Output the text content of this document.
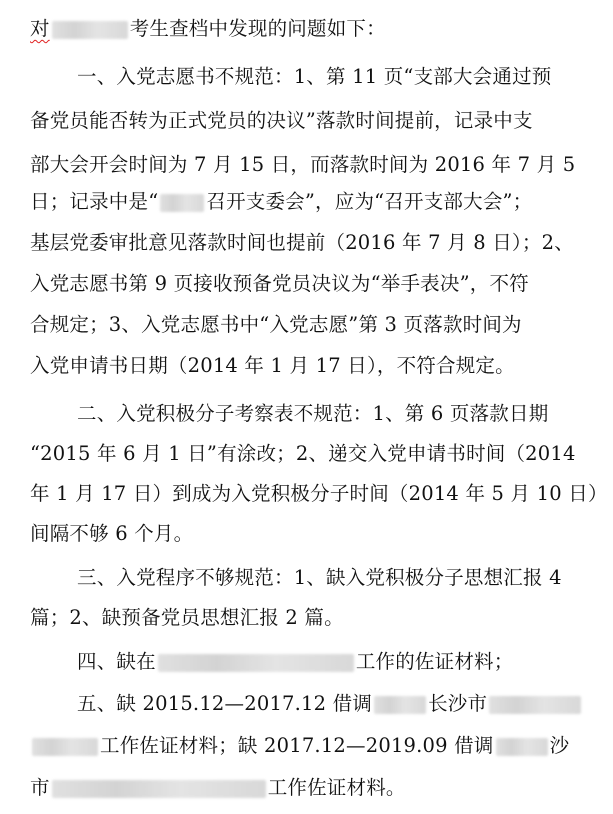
对	考生查档中发现的问题如下：
一、入党志愿书不规范：1、第 11 页“支部大会通过预
备党员能否转为正式党员的决议”落款时间提前，记录中支
部大会开会时间为 7 月 15 日，而落款时间为 2016 年 7 月 5
日；记录中是“ 召开支委会”，应为“召开支部大会”；
基层党委审批意见落款时间也提前（2016 年 7 月 8 日）；2、
入党志愿书第 9 页接收预备党员决议为“举手表决”，不符
合规定；3、入党志愿书中“入党志愿”第 3 页落款时间为
入党申请书日期（2014 年 1 月 17 日），不符合规定。
二、入党积极分子考察表不规范：1、第 6 页落款日期
“2015 年 6 月 1 日”有涂改；2、递交入党申请书时间（2014
年 1 月 17 日）到成为入党积极分子时间（2014 年 5 月 10 日）
间隔不够 6 个月。
三、入党程序不够规范：1、缺入党积极分子思想汇报 4
篇；2、缺预备党员思想汇报 2 篇。
四、缺在	工作的佐证材料；
五、缺 2015.12—2017.12 借调	长沙市
工作佐证材料；缺 2017.12—2019.09 借调	沙
市	工作佐证材料。
